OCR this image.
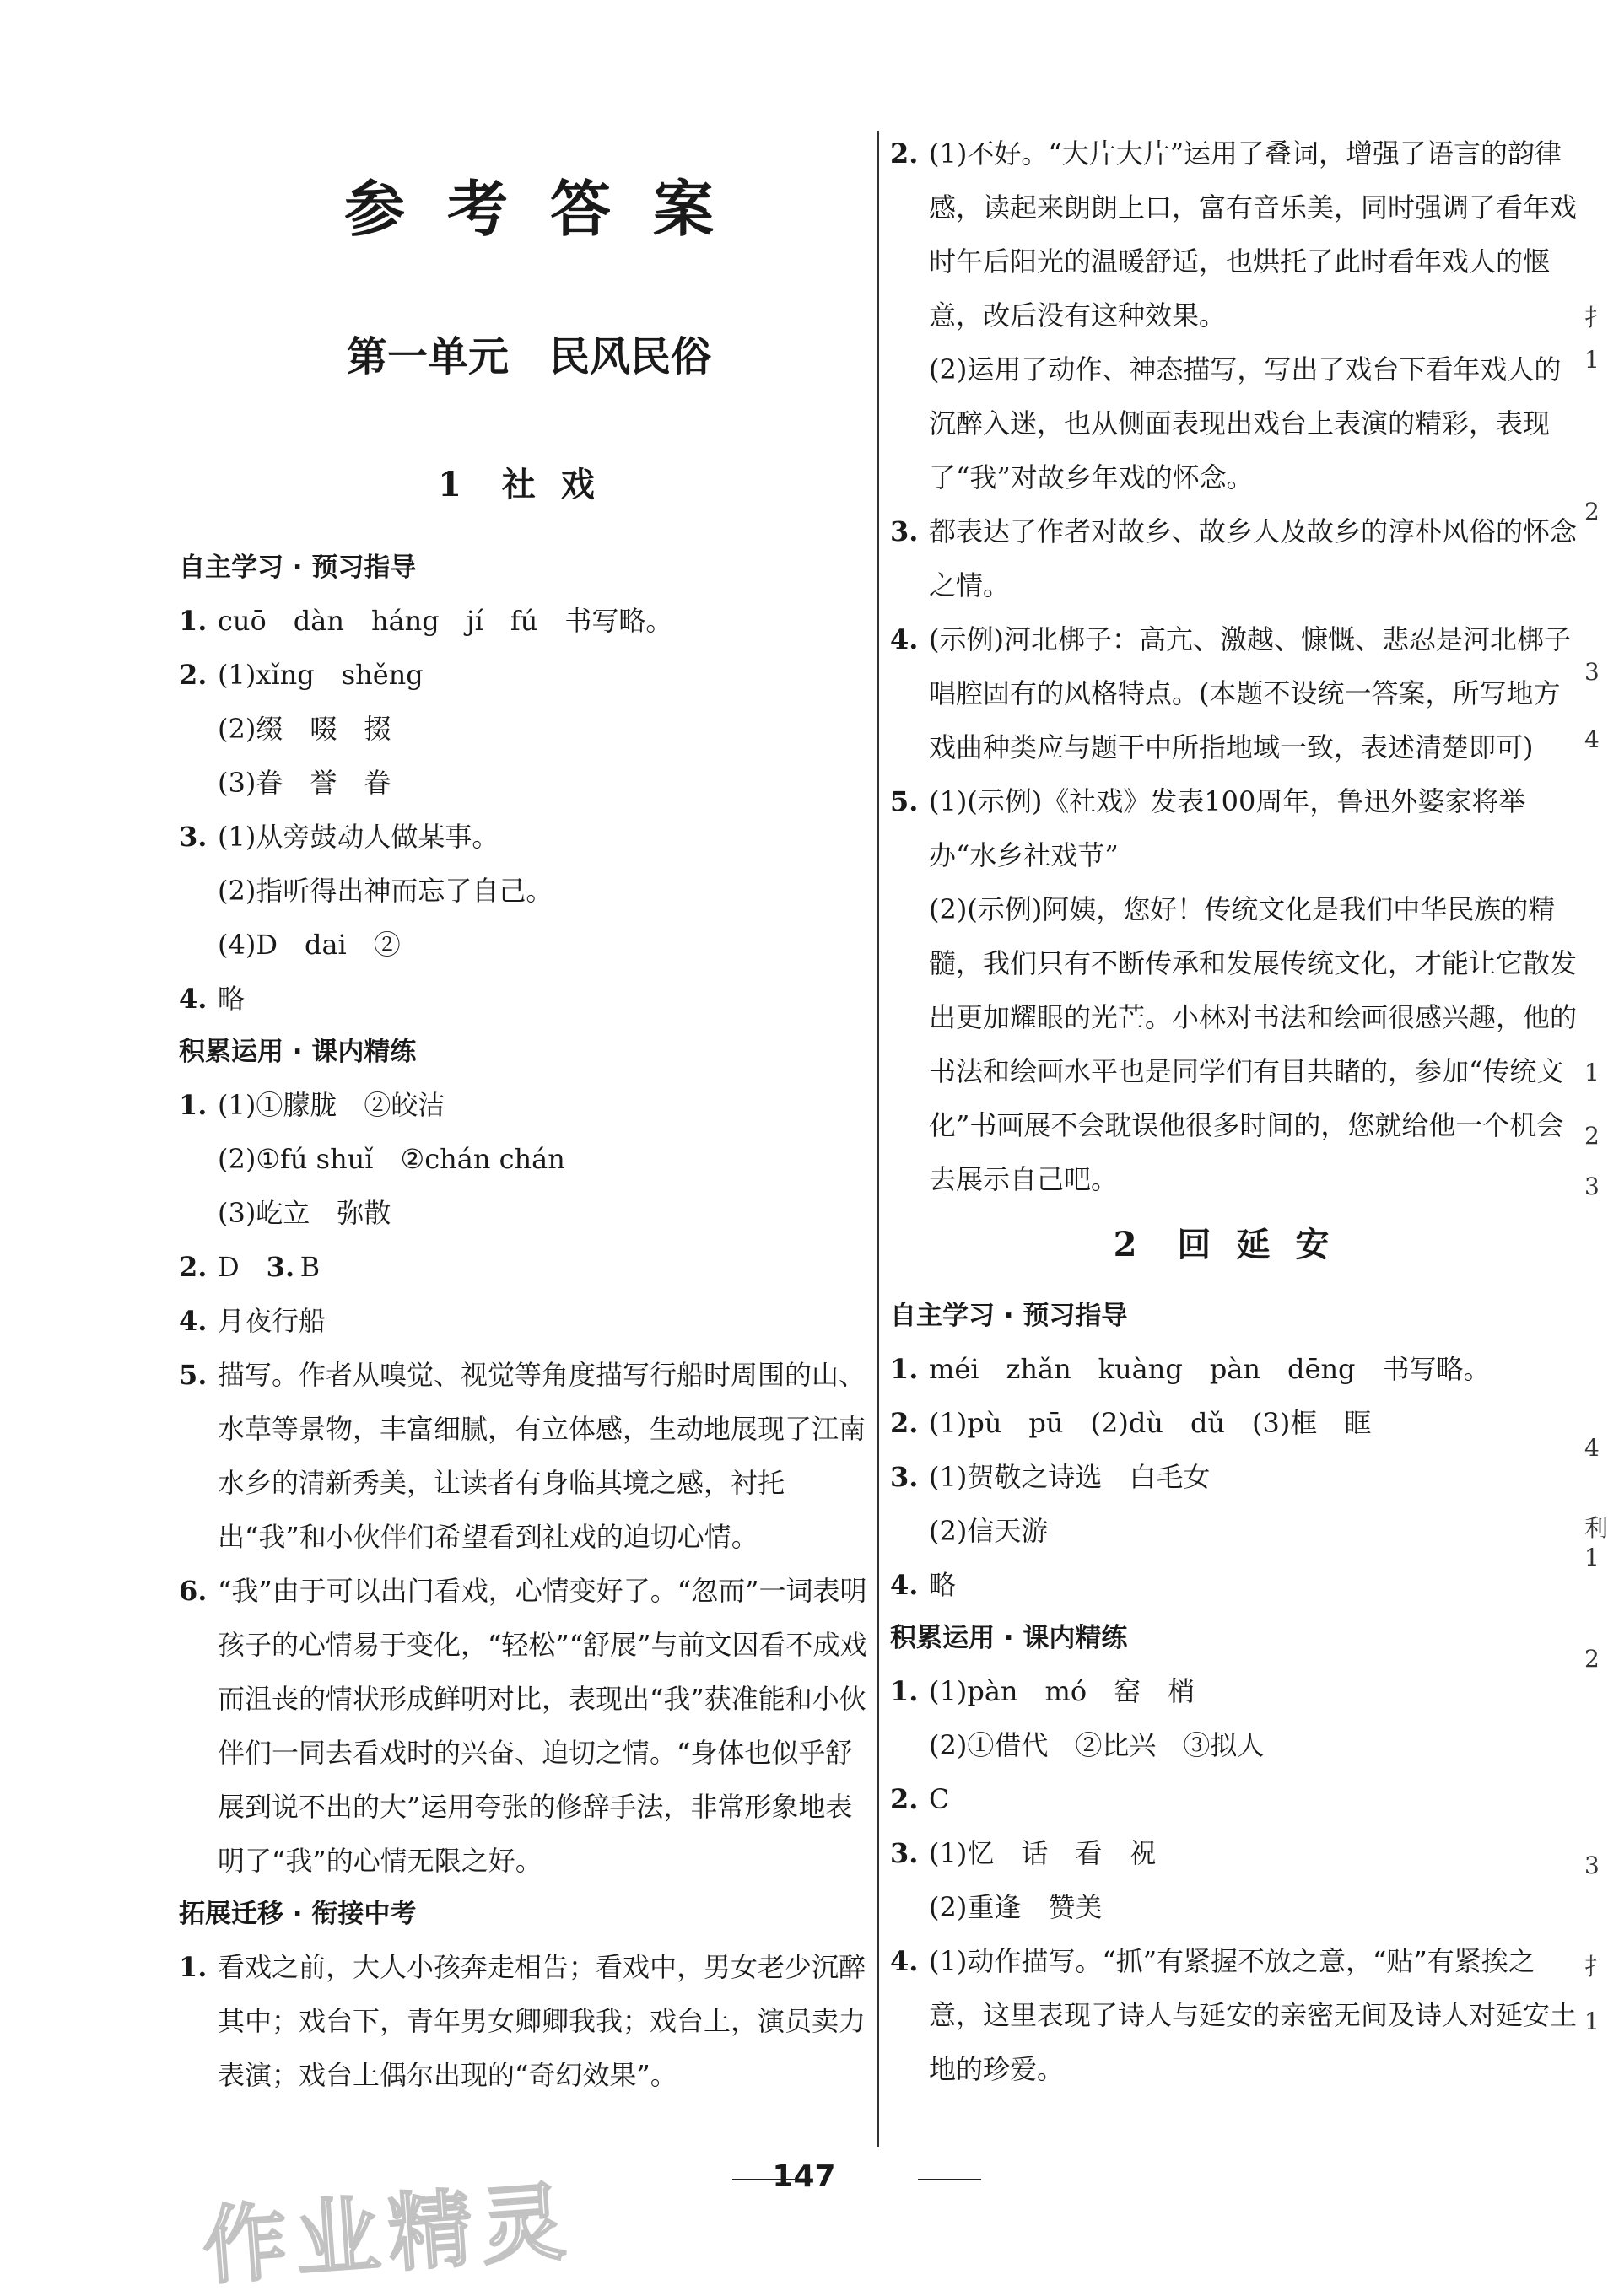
参考答案
第一单元　民风民俗
1 社戏

自主学习 · 预习指导

1. cuō　dàn　háng　jí　fú　书写略。

2. (1)xǐng　shěng

(2)缀　啜　掇

(3)眷　誉　眷

3. (1)从旁鼓动人做某事。

(2)指听得出神而忘了自己。

(4)D　dai　②

4. 略

积累运用 · 课内精练

1. (1)①朦胧　②皎洁

(2)①fú shuǐ　②chán chán

(3)屹立　弥散

2. D　3. B

4. 月夜行船

5. 描写。作者从嗅觉、视觉等角度描写行船时周围的山、水草等景物，丰富细腻，有立体感，生动地展现了江南水乡的清新秀美，让读者有身临其境之感，衬托出“我”和小伙伴们希望看到社戏的迫切心情。

6. “我”由于可以出门看戏，心情变好了。“忽而”一词表明孩子的心情易于变化，“轻松”“舒展”与前文因看不成戏而沮丧的情状形成鲜明对比，表现出“我”获准能和小伙伴们一同去看戏时的兴奋、迫切之情。“身体也似乎舒展到说不出的大”运用夸张的修辞手法，非常形象地表明了“我”的心情无限之好。

拓展迁移 · 衔接中考

1. 看戏之前，大人小孩奔走相告；看戏中，男女老少沉醉其中；戏台下，青年男女卿卿我我；戏台上，演员卖力表演；戏台上偶尔出现的“奇幻效果”。

2. (1)不好。“大片大片”运用了叠词，增强了语言的韵律感，读起来朗朗上口，富有音乐美，同时强调了看年戏时午后阳光的温暖舒适，也烘托了此时看年戏人的惬意，改后没有这种效果。

(2)运用了动作、神态描写，写出了戏台下看年戏人的沉醉入迷，也从侧面表现出戏台上表演的精彩，表现了“我”对故乡年戏的怀念。

3. 都表达了作者对故乡、故乡人及故乡的淳朴风俗的怀念之情。

4. (示例)河北梆子：高亢、激越、慷慨、悲忍是河北梆子唱腔固有的风格特点。(本题不设统一答案，所写地方戏曲种类应与题干中所指地域一致，表述清楚即可)

5. (1)(示例)《社戏》发表100周年，鲁迅外婆家将举办“水乡社戏节”

(2)(示例)阿姨，您好！传统文化是我们中华民族的精髓，我们只有不断传承和发展传统文化，才能让它散发出更加耀眼的光芒。小林对书法和绘画很感兴趣，他的书法和绘画水平也是同学们有目共睹的，参加“传统文化”书画展不会耽误他很多时间的，您就给他一个机会去展示自己吧。

2 回延安

自主学习 · 预习指导

1. méi　zhǎn　kuàng　pàn　dēng　书写略。

2. (1)pù　pū　(2)dù　dǔ　(3)框　眶

3. (1)贺敬之诗选　白毛女

(2)信天游

4. 略

积累运用 · 课内精练

1. (1)pàn　mó　窑　梢

(2)①借代　②比兴　③拟人

2. C

3. (1)忆　话　看　祝

(2)重逢　赞美

4. (1)动作描写。“抓”有紧握不放之意，“贴”有紧挨之意，这里表现了诗人与延安的亲密无间及诗人对延安土地的珍爱。

扌
1
2
3
4
1
2
3
4
利
1
2
3
扌
1
147
作业精灵
